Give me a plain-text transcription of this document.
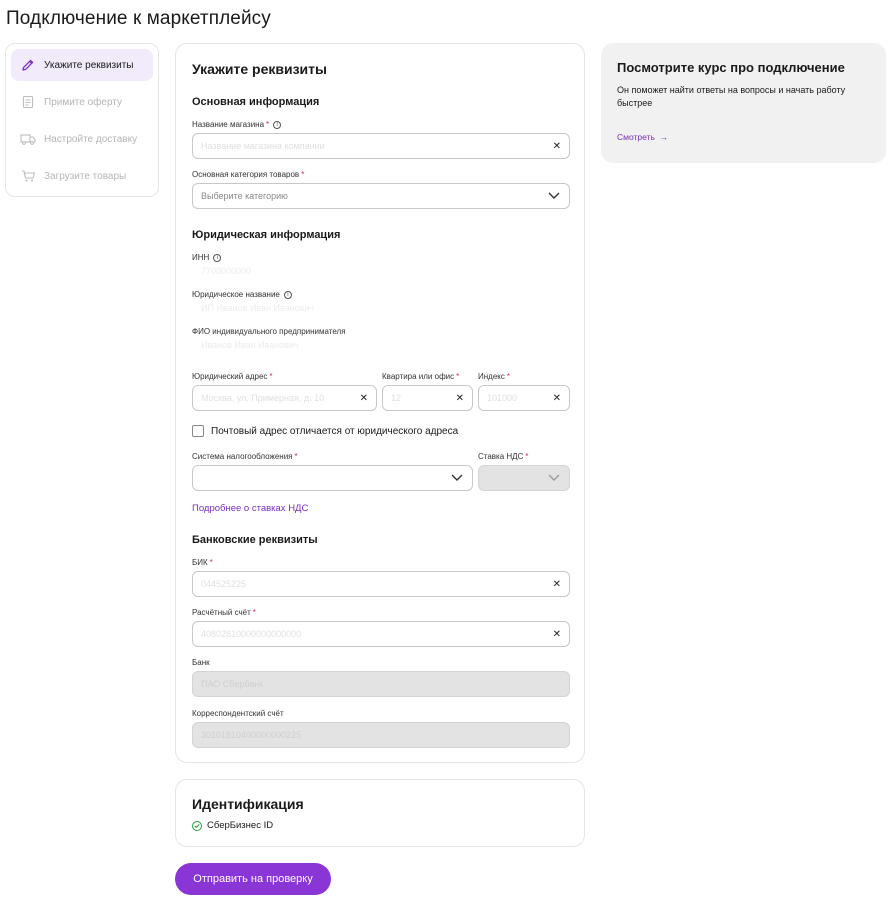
Подключение к маркетплейсу
Укажите реквизиты
Примите оферту
Настройте доставку
Загрузите товары
Укажите реквизиты
Основная информация
Название магазина *	i
Название магазина компании	✕
Основная категория товаров *
Выберите категорию
Юридическая информация
ИНН	i
7700000000
Юридическое название	i
ИП Иванов Иван Иванович
ФИО индивидуального предпринимателя
Иванов Иван Иванович
Юридический адрес *
Москва, ул. Примерная, д. 10	✕
Квартира или офис *
12	✕
Индекс *
101000	✕
Почтовый адрес отличается от юридического адреса
Система налогообложения *	Ставка НДС *
Подробнее о ставках НДС
Банковские реквизиты
БИК *
044525225	✕
Расчётный счёт *
40802810000000000000	✕
Банк
ПАО Сбербанк
Корреспондентский счёт
30101810400000000225
Идентификация
СберБизнес ID
Отправить на проверку
Посмотрите курс про подключение
Он поможет найти ответы на вопросы и начать работу быстрее
Смотреть  →
